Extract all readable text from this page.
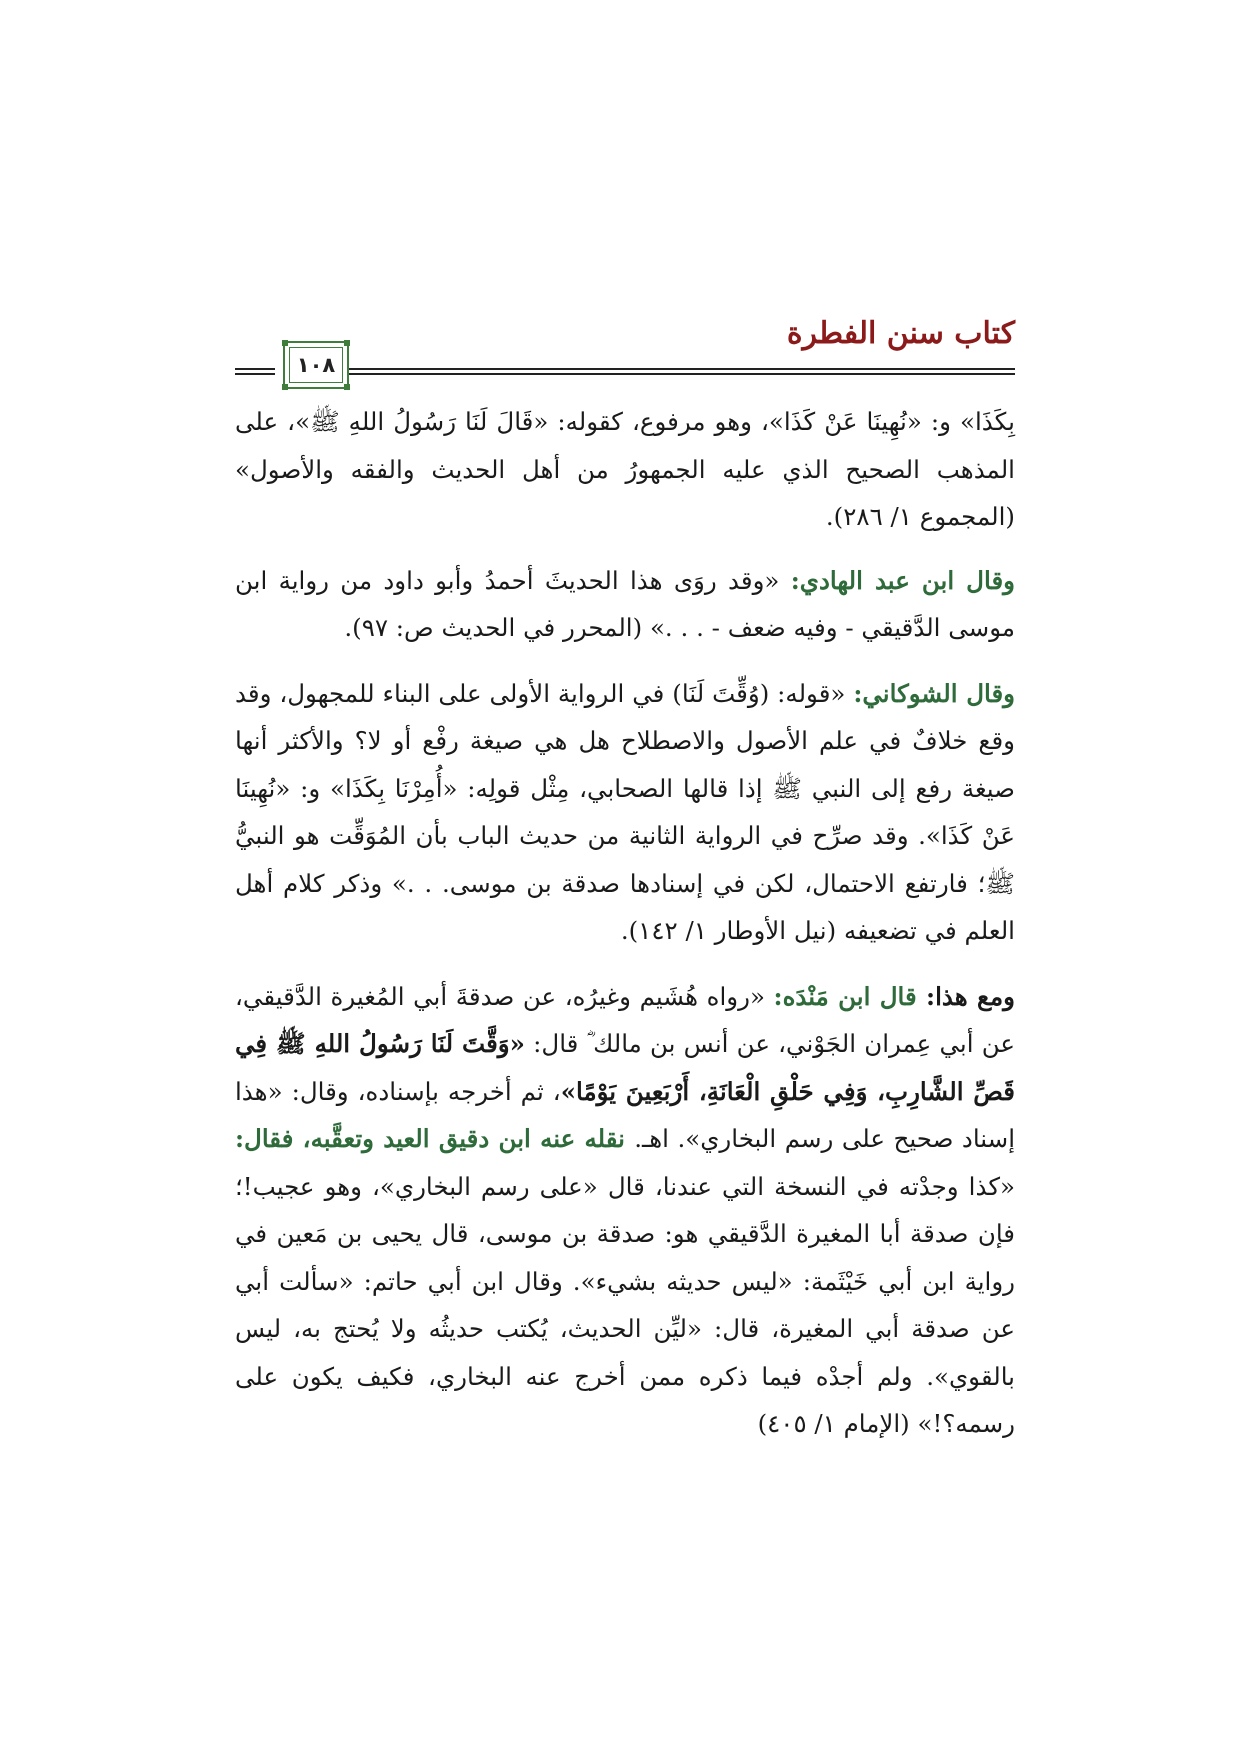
كتاب سنن الفطرة
١٠٨

بِكَذَا» و: «نُهِينَا عَنْ كَذَا»، وهو مرفوع، كقوله: «قَالَ لَنَا رَسُولُ اللهِ ﷺ»، على المذهب الصحيح الذي عليه الجمهورُ من أهل الحديث والفقه والأصول» (المجموع ١/ ٢٨٦).

وقال ابن عبد الهادي: «وقد روَى هذا الحديثَ أحمدُ وأبو داود من رواية ابن موسى الدَّقيقي - وفيه ضعف - . . .» (المحرر في الحديث ص: ٩٧).

وقال الشوكاني: «قوله: (وُقِّتَ لَنَا) في الرواية الأولى على البناء للمجهول، وقد وقع خلافٌ في علم الأصول والاصطلاح هل هي صيغة رفْع أو لا؟ والأكثر أنها صيغة رفع إلى النبي ﷺ إذا قالها الصحابي، مِثْل قولِه: «أُمِرْنَا بِكَذَا» و: «نُهِينَا عَنْ كَذَا». وقد صرِّح في الرواية الثانية من حديث الباب بأن المُوَقِّت هو النبيُّ ﷺ؛ فارتفع الاحتمال، لكن في إسنادها صدقة بن موسى. . .» وذكر كلام أهل العلم في تضعيفه (نيل الأوطار ١/ ١٤٢).

ومع هذا: قال ابن مَنْدَه: «رواه هُشَيم وغيرُه، عن صدقةَ أبي المُغيرة الدَّقيقي، عن أبي عِمران الجَوْني، عن أنس بن مالك ؓ قال: «وَقَّتَ لَنَا رَسُولُ اللهِ ﷺ فِي قَصِّ الشَّارِبِ، وَفِي حَلْقِ الْعَانَةِ، أَرْبَعِينَ يَوْمًا»، ثم أخرجه بإسناده، وقال: «هذا إسناد صحيح على رسم البخاري». اهـ. نقله عنه ابن دقيق العيد وتعقَّبه، فقال: «كذا وجدْته في النسخة التي عندنا، قال «على رسم البخاري»، وهو عجيب!؛ فإن صدقة أبا المغيرة الدَّقيقي هو: صدقة بن موسى، قال يحيى بن مَعين في رواية ابن أبي خَيْثَمة: «ليس حديثه بشيء». وقال ابن أبي حاتم: «سألت أبي عن صدقة أبي المغيرة، قال: «ليِّن الحديث، يُكتب حديثُه ولا يُحتج به، ليس بالقوي». ولم أجدْه فيما ذكره ممن أخرج عنه البخاري، فكيف يكون على رسمه؟!» (الإمام ١/ ٤٠٥)
